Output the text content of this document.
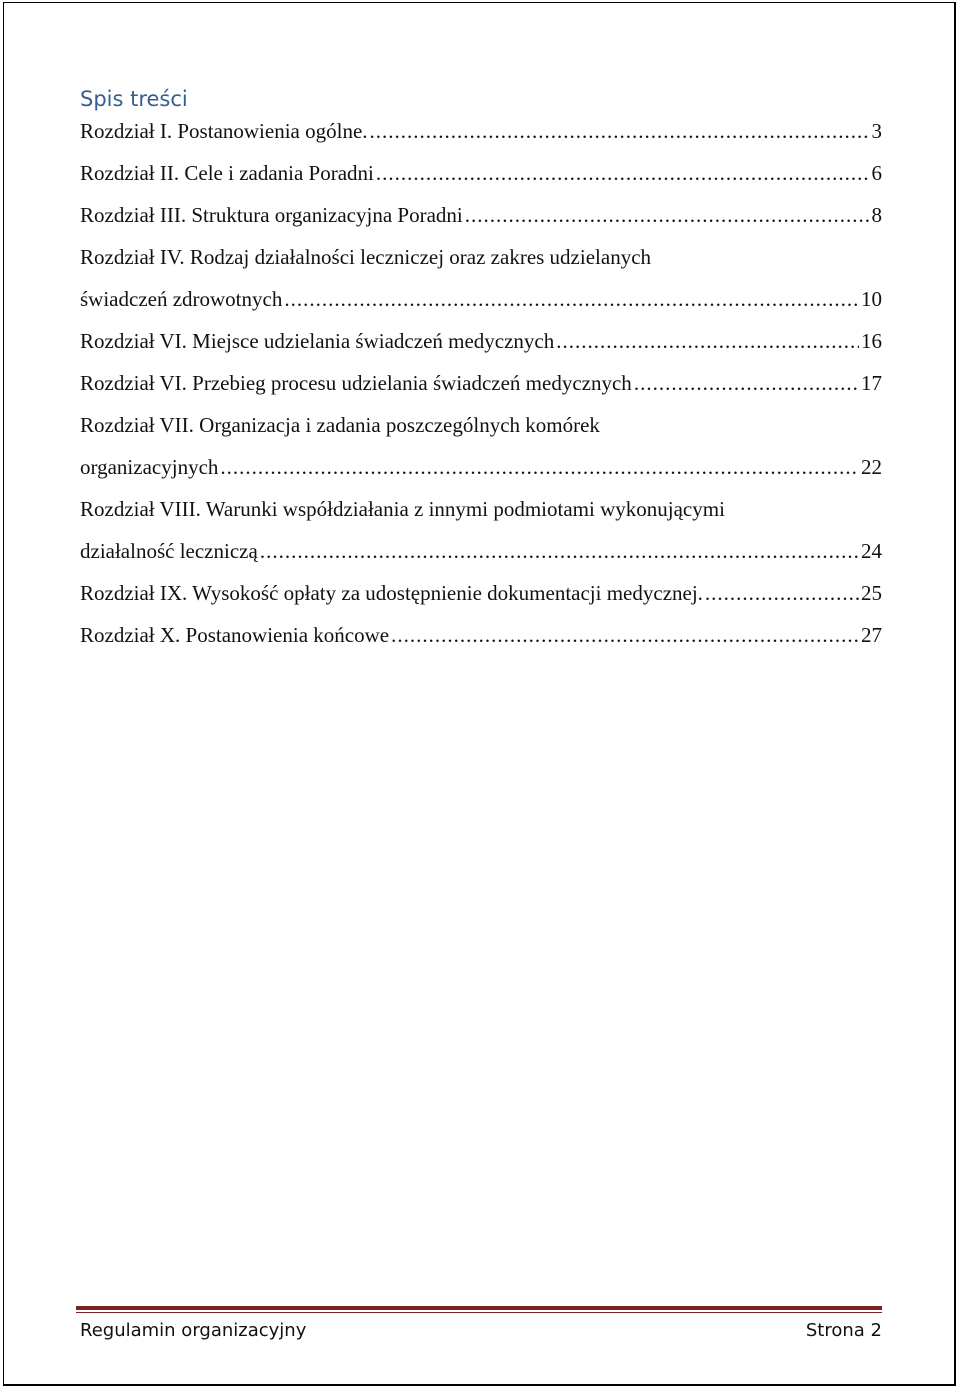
Spis treści
Rozdział I. Postanowienia ogólne. .....	3
Rozdział II. Cele i zadania Poradni .....	6
Rozdział III. Struktura organizacyjna Poradni .....	8
Rozdział IV. Rodzaj działalności leczniczej oraz zakres udzielanych
świadczeń zdrowotnych .....	10
Rozdział VI. Miejsce udzielania świadczeń medycznych .....	16
Rozdział VI. Przebieg procesu udzielania świadczeń medycznych .....	17
Rozdział VII. Organizacja i zadania poszczególnych komórek
organizacyjnych .....	22
Rozdział VIII. Warunki współdziałania z innymi podmiotami wykonującymi
działalność leczniczą .....	24
Rozdział IX. Wysokość opłaty za udostępnienie dokumentacji medycznej. .....	25
Rozdział X. Postanowienia końcowe .....	27
Regulamin organizacyjny	Strona 2
